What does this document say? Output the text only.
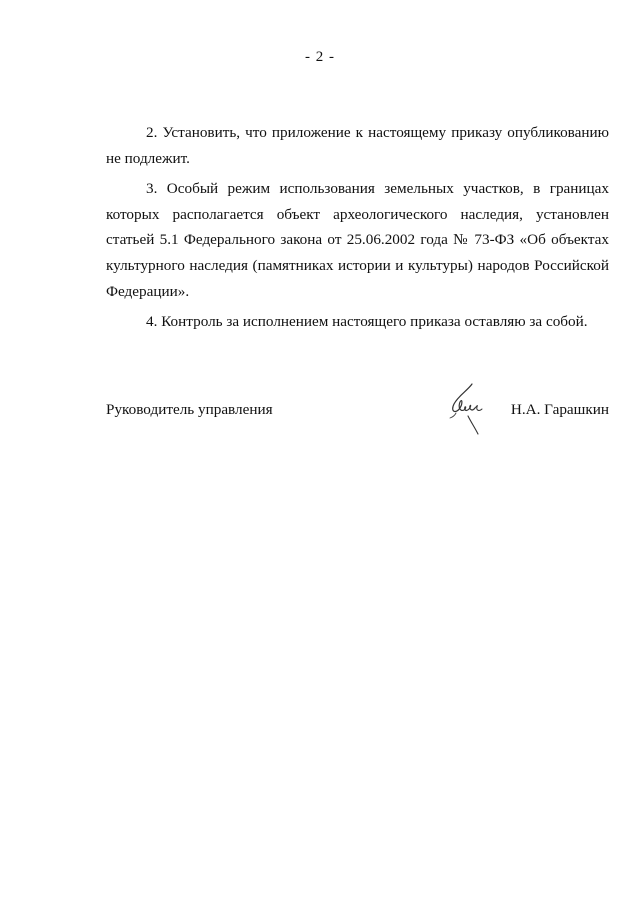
- 2 -

2. Установить, что приложение к настоящему приказу опубликованию не подлежит.

3. Особый режим использования земельных участков, в границах которых располагается объект археологического наследия, установлен статьей 5.1 Федерального закона от 25.06.2002 года № 73-ФЗ «Об объектах культурного наследия (памятниках истории и культуры) народов Российской Федерации».

4. Контроль за исполнением настоящего приказа оставляю за собой.

Руководитель управления	Н.А. Гарашкин
